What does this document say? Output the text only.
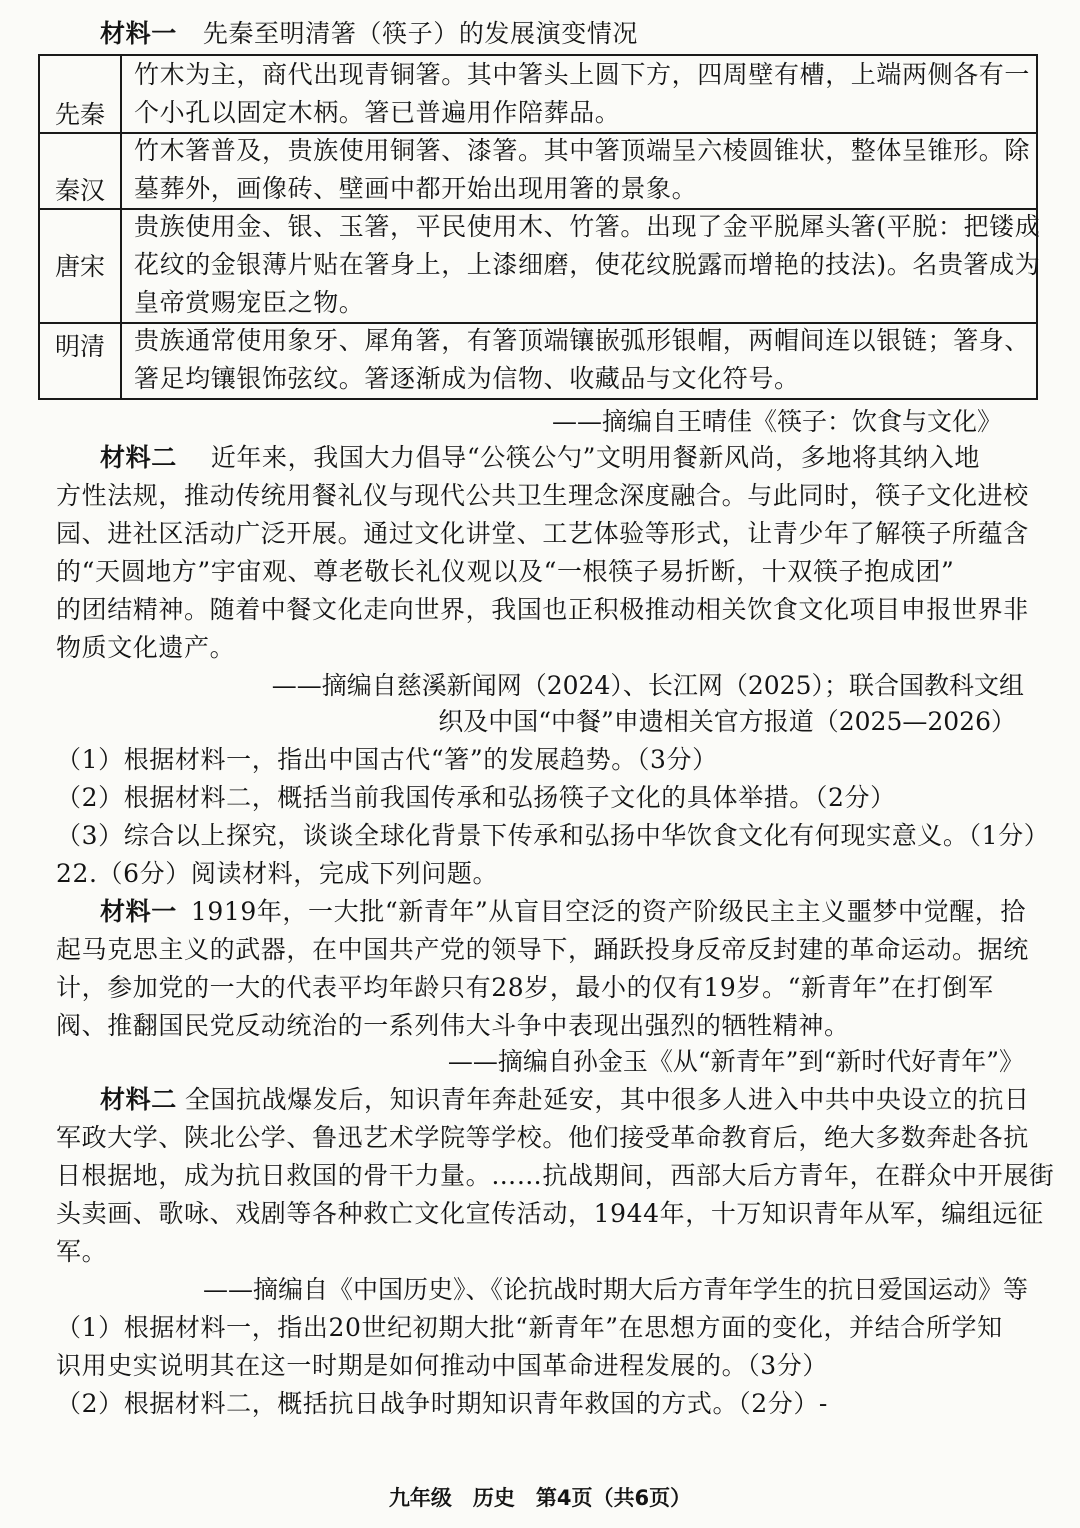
材料一 先秦至明清箸（筷子）的发展演变情况
先秦
竹木为主，商代出现青铜箸。其中箸头上圆下方，四周壁有槽，上端两侧各有一
个小孔以固定木柄。箸已普遍用作陪葬品。
秦汉
竹木箸普及，贵族使用铜箸、漆箸。其中箸顶端呈六棱圆锥状，整体呈锥形。除
墓葬外，画像砖、壁画中都开始出现用箸的景象。
唐宋
贵族使用金、银、玉箸，平民使用木、竹箸。出现了金平脱犀头箸(平脱：把镂成
花纹的金银薄片贴在箸身上，上漆细磨，使花纹脱露而增艳的技法)。名贵箸成为
皇帝赏赐宠臣之物。
明清	贵族通常使用象牙、犀角箸，有箸顶端镶嵌弧形银帽，两帽间连以银链；箸身、
箸足均镶银饰弦纹。箸逐渐成为信物、收藏品与文化符号。
——摘编自王晴佳《筷子：饮食与文化》
材料二 近年来，我国大力倡导“公筷公勺”文明用餐新风尚，多地将其纳入地
方性法规，推动传统用餐礼仪与现代公共卫生理念深度融合。与此同时，筷子文化进校
园、进社区活动广泛开展。通过文化讲堂、工艺体验等形式，让青少年了解筷子所蕴含
的“天圆地方”宇宙观、尊老敬长礼仪观以及“一根筷子易折断，十双筷子抱成团”
的团结精神。随着中餐文化走向世界，我国也正积极推动相关饮食文化项目申报世界非
物质文化遗产。
——摘编自慈溪新闻网（2024）、长江网（2025）；联合国教科文组
织及中国“中餐”申遗相关官方报道（2025—2026）
（1）根据材料一，指出中国古代“箸”的发展趋势。（3分）
（2）根据材料二，概括当前我国传承和弘扬筷子文化的具体举措。（2分）
（3）综合以上探究，谈谈全球化背景下传承和弘扬中华饮食文化有何现实意义。（1分）
22.（6分）阅读材料，完成下列问题。
材料一 1919年，一大批“新青年”从盲目空泛的资产阶级民主主义噩梦中觉醒，拾
起马克思主义的武器，在中国共产党的领导下，踊跃投身反帝反封建的革命运动。据统
计，参加党的一大的代表平均年龄只有28岁，最小的仅有19岁。“新青年”在打倒军
阀、推翻国民党反动统治的一系列伟大斗争中表现出强烈的牺牲精神。
——摘编自孙金玉《从“新青年”到“新时代好青年”》
材料二 全国抗战爆发后，知识青年奔赴延安，其中很多人进入中共中央设立的抗日
军政大学、陕北公学、鲁迅艺术学院等学校。他们接受革命教育后，绝大多数奔赴各抗
日根据地，成为抗日救国的骨干力量。……抗战期间，西部大后方青年，在群众中开展街
头卖画、歌咏、戏剧等各种救亡文化宣传活动，1944年，十万知识青年从军，编组远征
军。
——摘编自《中国历史》、《论抗战时期大后方青年学生的抗日爱国运动》等
（1）根据材料一，指出20世纪初期大批“新青年”在思想方面的变化，并结合所学知
识用史实说明其在这一时期是如何推动中国革命进程发展的。（3分）
（2）根据材料二，概括抗日战争时期知识青年救国的方式。（2分）-
九年级　历史　第4页（共6页）
